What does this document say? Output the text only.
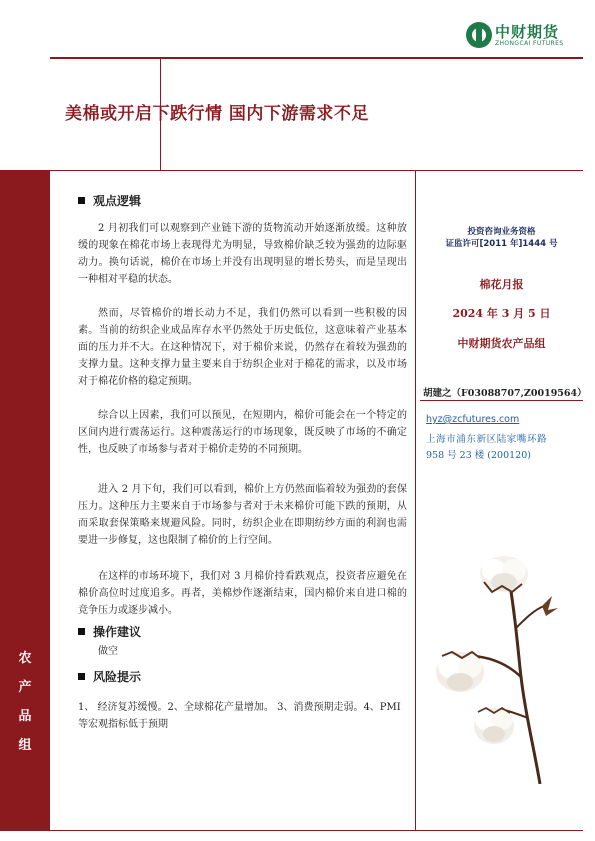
中财期货
ZHONGCAI FUTURES
美棉或开启下跌行情 国内下游需求不足
农
产
品
组
观点逻辑
2 月初我们可以观察到产业链下游的货物流动开始逐渐放缓。这种放缓的现象在棉花市场上表现得尤为明显，导致棉价缺乏较为强劲的边际驱动力。换句话说，棉价在市场上并没有出现明显的增长势头，而是呈现出一种相对平稳的状态。
然而，尽管棉价的增长动力不足，我们仍然可以看到一些积极的因素。当前的纺织企业成品库存水平仍然处于历史低位，这意味着产业基本面的压力并不大。在这种情况下，对于棉价来说，仍然存在着较为强劲的支撑力量。这种支撑力量主要来自于纺织企业对于棉花的需求，以及市场对于棉花价格的稳定预期。
综合以上因素，我们可以预见，在短期内，棉价可能会在一个特定的区间内进行震荡运行。这种震荡运行的市场现象，既反映了市场的不确定性，也反映了市场参与者对于棉价走势的不同预期。
进入 2 月下旬，我们可以看到，棉价上方仍然面临着较为强劲的套保压力。这种压力主要来自于市场参与者对于未来棉价可能下跌的预期，从而采取套保策略来规避风险。同时，纺织企业在即期纺纱方面的利润也需要进一步修复，这也限制了棉价的上行空间。
在这样的市场环境下，我们对 3 月棉价持看跌观点，投资者应避免在棉价高位时过度追多。再者，美棉炒作逐渐结束，国内棉价来自进口棉的竞争压力或逐步减小。
操作建议
做空
风险提示
1、 经济复苏缓慢。2、全球棉花产量增加。 3、消费预期走弱。4、PMI 等宏观指标低于预期
投资咨询业务资格
证监许可[2011 年]1444 号
棉花月报
2024 年 3 月 5 日
中财期货农产品组
胡建之（F03088707,Z0019564）
hyz@zcfutures.com
上海市浦东新区陆家嘴环路
958 号 23 楼 (200120)
